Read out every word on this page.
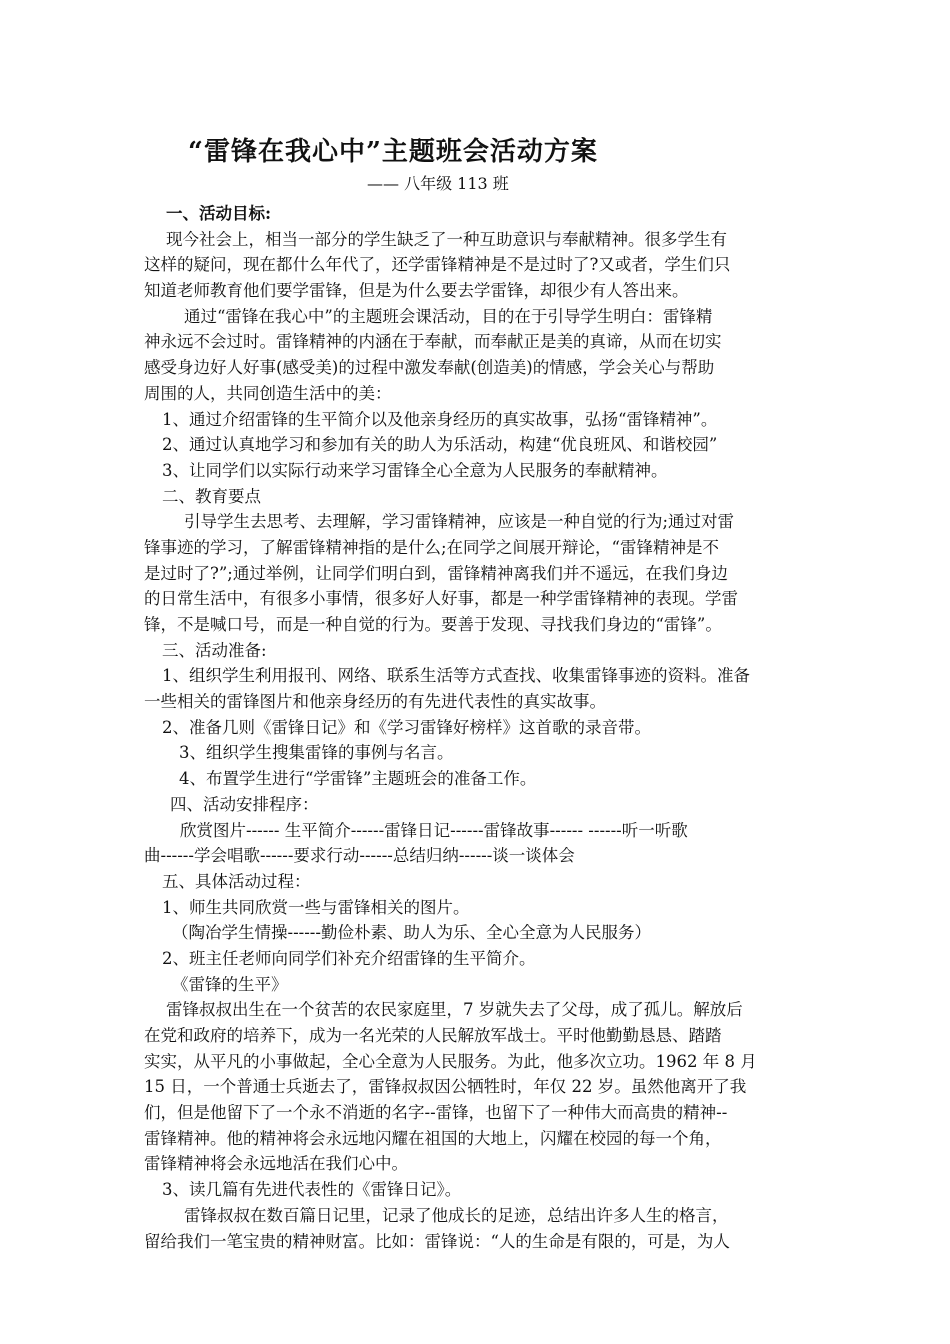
“雷锋在我心中”主题班会活动方案
—— 八年级 113 班
一、活动目标:
现今社会上，相当一部分的学生缺乏了一种互助意识与奉献精神。很多学生有
这样的疑问，现在都什么年代了，还学雷锋精神是不是过时了?又或者，学生们只
知道老师教育他们要学雷锋，但是为什么要去学雷锋，却很少有人答出来。
通过“雷锋在我心中”的主题班会课活动，目的在于引导学生明白：雷锋精
神永远不会过时。雷锋精神的内涵在于奉献，而奉献正是美的真谛，从而在切实
感受身边好人好事(感受美)的过程中激发奉献(创造美)的情感，学会关心与帮助
周围的人，共同创造生活中的美：
1、通过介绍雷锋的生平简介以及他亲身经历的真实故事，弘扬“雷锋精神”。
2、通过认真地学习和参加有关的助人为乐活动，构建“优良班风、和谐校园”
3、让同学们以实际行动来学习雷锋全心全意为人民服务的奉献精神。
二、教育要点
引导学生去思考、去理解，学习雷锋精神，应该是一种自觉的行为;通过对雷
锋事迹的学习，了解雷锋精神指的是什么;在同学之间展开辩论，“雷锋精神是不
是过时了?”;通过举例，让同学们明白到，雷锋精神离我们并不遥远，在我们身边
的日常生活中，有很多小事情，很多好人好事，都是一种学雷锋精神的表现。学雷
锋，不是喊口号，而是一种自觉的行为。要善于发现、寻找我们身边的“雷锋”。
三、活动准备:
1、组织学生利用报刊、网络、联系生活等方式查找、收集雷锋事迹的资料。准备
一些相关的雷锋图片和他亲身经历的有先进代表性的真实故事。
2、准备几则《雷锋日记》和《学习雷锋好榜样》这首歌的录音带。
3、组织学生搜集雷锋的事例与名言。
4、布置学生进行“学雷锋”主题班会的准备工作。
四、活动安排程序：
欣赏图片------ 生平简介------雷锋日记------雷锋故事------ ------听一听歌
曲------学会唱歌------要求行动------总结归纳------谈一谈体会
五、具体活动过程：
1、师生共同欣赏一些与雷锋相关的图片。
（陶冶学生情操------勤俭朴素、助人为乐、全心全意为人民服务）
2、班主任老师向同学们补充介绍雷锋的生平简介。
《雷锋的生平》
雷锋叔叔出生在一个贫苦的农民家庭里，7 岁就失去了父母，成了孤儿。解放后
在党和政府的培养下，成为一名光荣的人民解放军战士。平时他勤勤恳恳、踏踏
实实，从平凡的小事做起，全心全意为人民服务。为此，他多次立功。1962 年 8 月
15 日，一个普通士兵逝去了，雷锋叔叔因公牺牲时，年仅 22 岁。虽然他离开了我
们，但是他留下了一个永不消逝的名字--雷锋，也留下了一种伟大而高贵的精神--
雷锋精神。他的精神将会永远地闪耀在祖国的大地上，闪耀在校园的每一个角，
雷锋精神将会永远地活在我们心中。
3、读几篇有先进代表性的《雷锋日记》。
雷锋叔叔在数百篇日记里，记录了他成长的足迹，总结出许多人生的格言，
留给我们一笔宝贵的精神财富。比如：雷锋说：“人的生命是有限的，可是，为人
